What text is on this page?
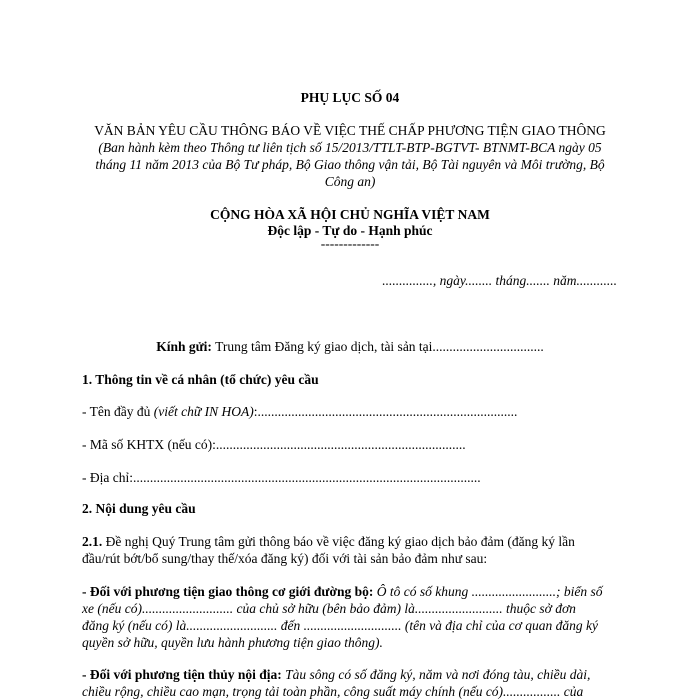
PHỤ LỤC SỐ 04
VĂN BẢN YÊU CẦU THÔNG BÁO VỀ VIỆC THẾ CHẤP PHƯƠNG TIỆN GIAO THÔNG
(Ban hành kèm theo Thông tư liên tịch số 15/2013/TTLT-BTP-BGTVT- BTNMT-BCA ngày 05
tháng 11 năm 2013 của Bộ Tư pháp, Bộ Giao thông vận tải, Bộ Tài nguyên và Môi trường, Bộ
Công an)
CỘNG HÒA XÃ HỘI CHỦ NGHĨA VIỆT NAM
Độc lập - Tự do - Hạnh phúc
-------------
..............., ngày........ tháng....... năm............
Kính gửi: Trung tâm Đăng ký giao dịch, tài sản tại.................................
1. Thông tin về cá nhân (tổ chức) yêu cầu
- Tên đầy đủ (viết chữ IN HOA):.............................................................................
- Mã số KHTX (nếu có):..........................................................................
- Địa chỉ:.......................................................................................................
2. Nội dung yêu cầu
2.1. Đề nghị Quý Trung tâm gửi thông báo về việc đăng ký giao dịch bảo đảm (đăng ký lần
đầu/rút bớt/bổ sung/thay thế/xóa đăng ký) đối với tài sản bảo đảm như sau:
- Đối với phương tiện giao thông cơ giới đường bộ: Ô tô có số khung .........................; biển số
xe (nếu có)........................... của chủ sở hữu (bên bảo đảm) là.......................... thuộc sở đơn
đăng ký (nếu có) là........................... đến ............................. (tên và địa chỉ của cơ quan đăng ký
quyền sở hữu, quyền lưu hành phương tiện giao thông).
- Đối với phương tiện thủy nội địa: Tàu sông có số đăng ký, năm và nơi đóng tàu, chiều dài,
chiều rộng, chiều cao mạn, trọng tải toàn phần, công suất máy chính (nếu có)................. của
